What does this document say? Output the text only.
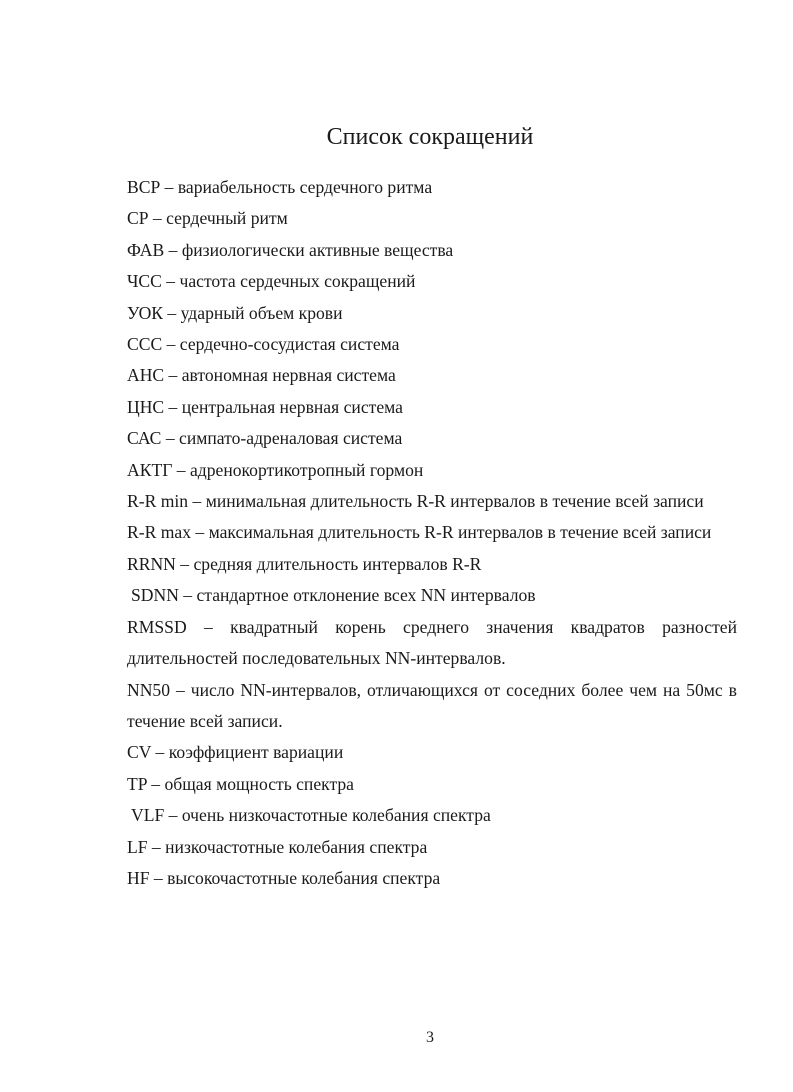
Список сокращений
ВСР – вариабельность сердечного ритма
СР – сердечный ритм
ФАВ – физиологически активные вещества
ЧСС – частота сердечных сокращений
УОК – ударный объем крови
ССС – сердечно-сосудистая система
АНС – автономная нервная система
ЦНС – центральная нервная система
САС – симпато-адреналовая система
АКТГ – адренокортикотропный гормон
R-R min – минимальная длительность R-R интервалов в течение всей записи
R-R max – максимальная длительность R-R интервалов в течение всей записи
RRNN – средняя длительность интервалов R-R
SDNN – стандартное отклонение всех NN интервалов
RMSSD – квадратный корень среднего значения квадратов разностей длительностей последовательных NN-интервалов.
NN50 – число NN-интервалов, отличающихся от соседних более чем на 50мс в течение всей записи.
CV – коэффициент вариации
TP – общая мощность спектра
VLF – очень низкочастотные колебания спектра
LF – низкочастотные колебания спектра
HF – высокочастотные колебания спектра
3
